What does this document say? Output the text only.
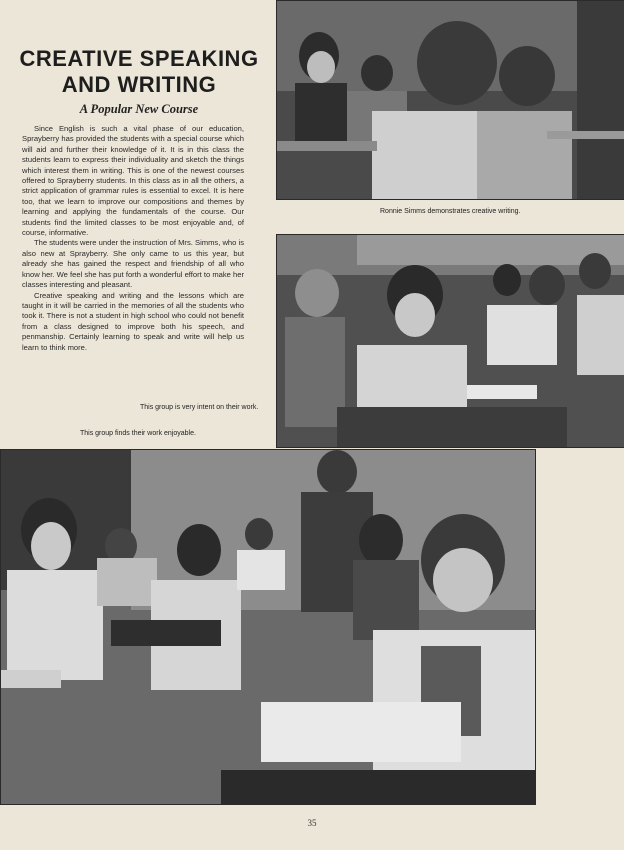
CREATIVE SPEAKING
AND WRITING

A Popular New Course

Since English is such a vital phase of our education, Sprayberry has provided the students with a special course which will aid and further their knowledge of it. It is in this class the students learn to express their individuality and sketch the things which interest them in writing. This is one of the newest courses offered to Sprayberry students. In this class as in all the others, a strict application of grammar rules is essential to excel. It is here too, that we learn to improve our compositions and themes by learning and applying the fundamentals of the course. Our students find the limited classes to be most enjoyable and, of course, informative.

The students were under the instruction of Mrs. Simms, who is also new at Sprayberry. She only came to us this year, but already she has gained the respect and friendship of all who know her. We feel she has put forth a wonderful effort to make her classes interesting and pleasant.

Creative speaking and writing and the lessons which are taught in it will be carried in the memories of all the students who took it. There is not a student in high school who could not benefit from a class designed to improve both his speech, and penmanship. Certainly learning to speak and write will help us learn to think more.

Ronnie Simms demonstrates creative writing.
This group is very intent on their work.
This group finds their work enjoyable.
35
